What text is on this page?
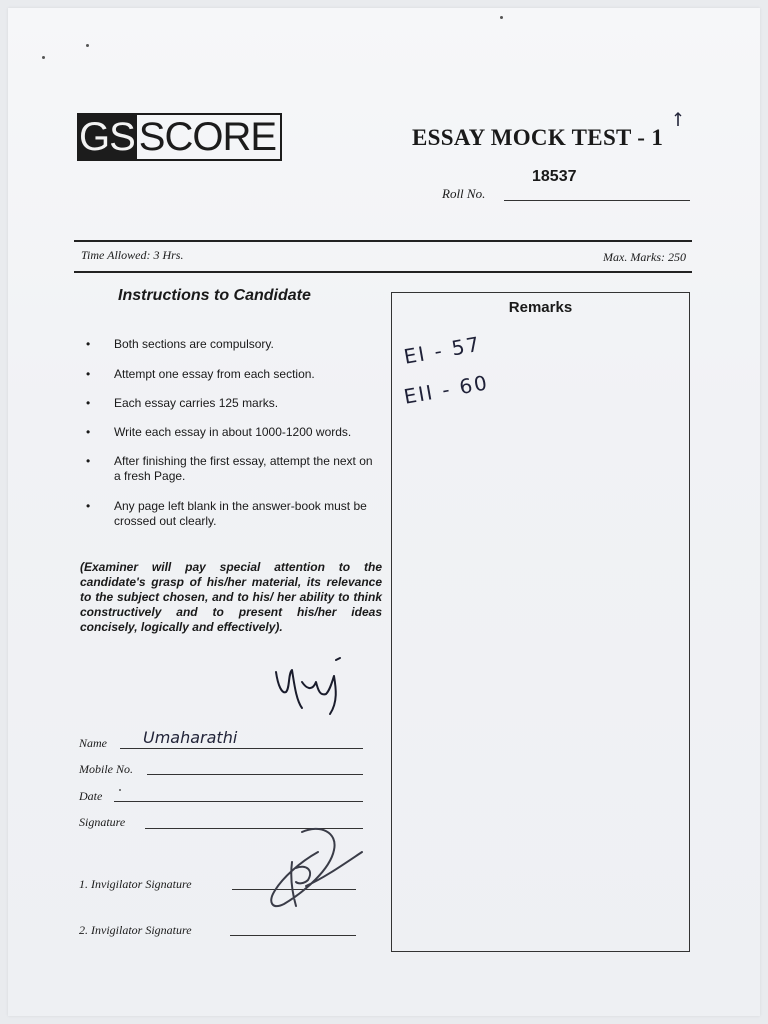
GS SCORE	ESSAY MOCK TEST - 1
18537
Roll No.
Time Allowed: 3 Hrs.	Max. Marks: 250
Instructions to Candidate
• Both sections are compulsory.
• Attempt one essay from each section.
• Each essay carries 125 marks.
• Write each essay in about 1000-1200 words.
• After finishing the first essay, attempt the next on a fresh Page.
• Any page left blank in the answer-book must be crossed out clearly.
(Examiner will pay special attention to the candidate's grasp of his/her material, its relevance to the subject chosen, and to his/ her ability to think constructively and to present his/her ideas concisely, logically and effectively).
Name Umaharathi
Mobile No.
Date
Signature
1. Invigilator Signature
2. Invigilator Signature
Remarks
EI - 57
EII - 60
